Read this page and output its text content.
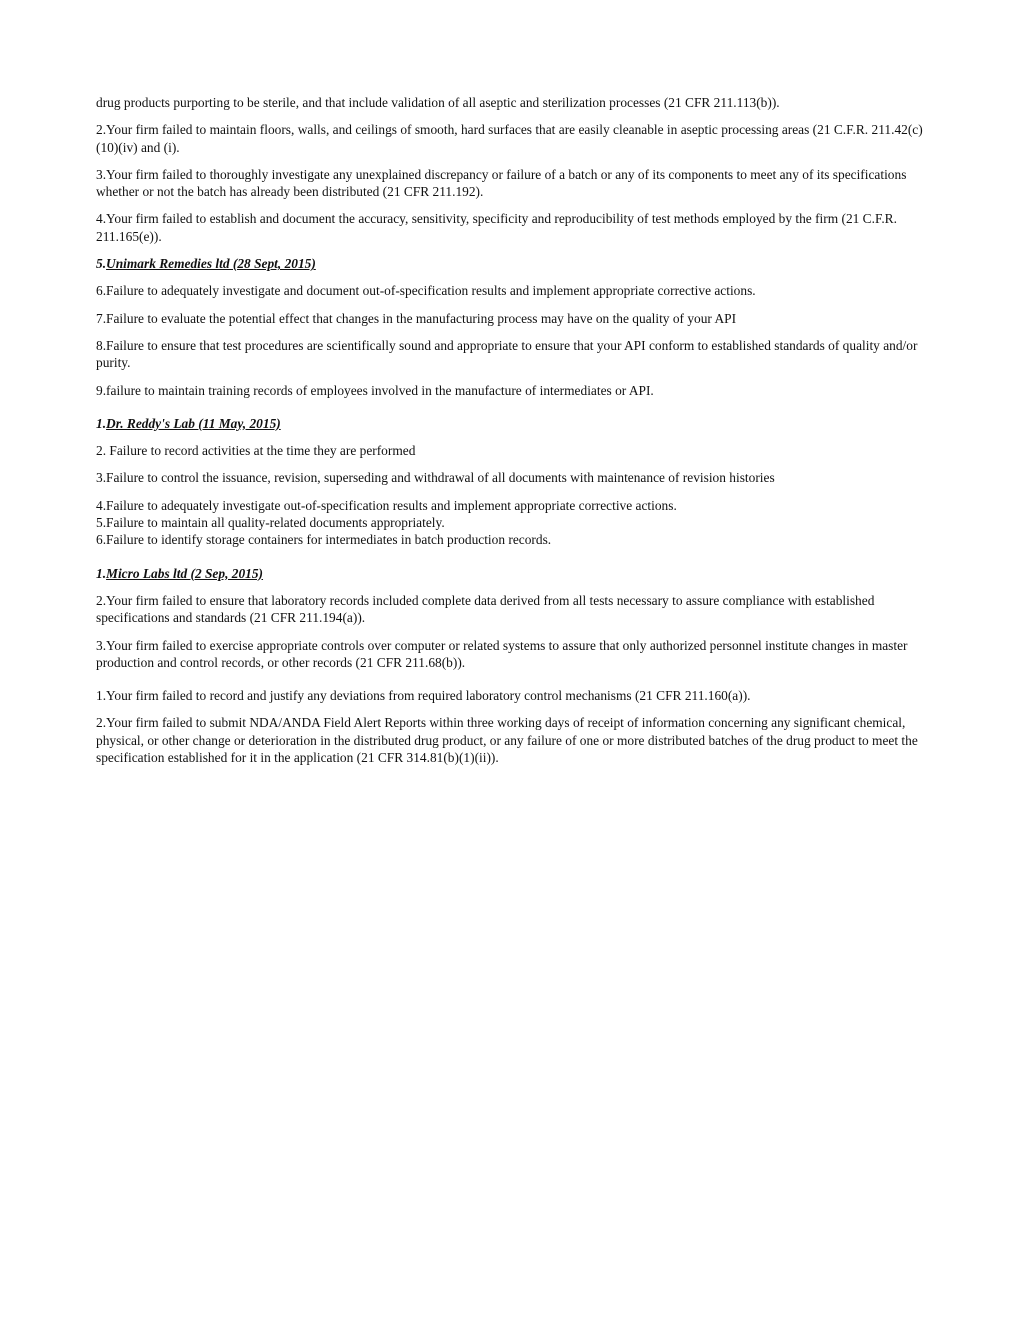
drug products purporting to be sterile, and that include validation of all aseptic and sterilization processes (21 CFR 211.113(b)).

2.Your firm failed to maintain floors, walls, and ceilings of smooth, hard surfaces that are easily cleanable in aseptic processing areas (21 C.F.R. 211.42(c)(10)(iv) and (i).

3.Your firm failed to thoroughly investigate any unexplained discrepancy or failure of a batch or any of its components to meet any of its specifications whether or not the batch has already been distributed (21 CFR 211.192).

4.Your firm failed to establish and document the accuracy, sensitivity, specificity and reproducibility of test methods employed by the firm (21 C.F.R. 211.165(e)).

5.Unimark Remedies ltd (28 Sept, 2015)

6.Failure to adequately investigate and document out-of-specification results and implement appropriate corrective actions.

7.Failure to evaluate the potential effect that changes in the manufacturing process may have on the quality of your API

8.Failure to ensure that test procedures are scientifically sound and appropriate to ensure that your API conform to established standards of quality and/or purity.

9.failure to maintain training records of employees involved in the manufacture of intermediates or API.

1.Dr. Reddy's Lab (11 May, 2015)

2. Failure to record activities at the time they are performed

3.Failure to control the issuance, revision, superseding and withdrawal of all documents with maintenance of revision histories

4.Failure to adequately investigate out-of-specification results and implement appropriate corrective actions.

5.Failure to maintain all quality-related documents appropriately.

6.Failure to identify storage containers for intermediates in batch production records.

1.Micro Labs ltd (2 Sep, 2015)

2.Your firm failed to ensure that laboratory records included complete data derived from all tests necessary to assure compliance with established specifications and standards (21 CFR 211.194(a)).

3.Your firm failed to exercise appropriate controls over computer or related systems to assure that only authorized personnel institute changes in master production and control records, or other records (21 CFR 211.68(b)).

1.Your firm failed to record and justify any deviations from required laboratory control mechanisms (21 CFR 211.160(a)).

2.Your firm failed to submit NDA/ANDA Field Alert Reports within three working days of receipt of information concerning any significant chemical, physical, or other change or deterioration in the distributed drug product, or any failure of one or more distributed batches of the drug product to meet the specification established for it in the application (21 CFR 314.81(b)(1)(ii)).
